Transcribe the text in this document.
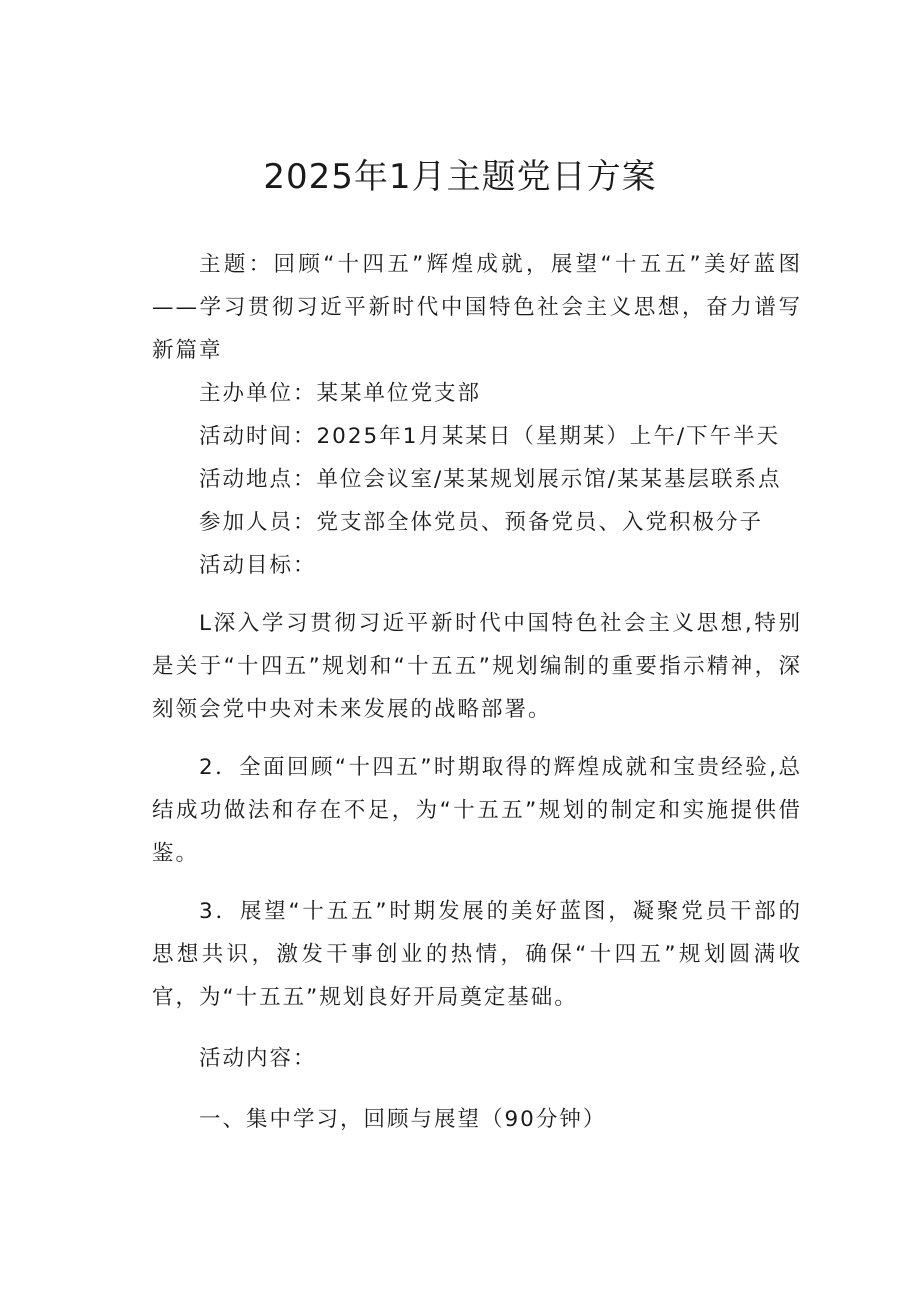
2025年1月主题党日方案

主题：回顾“十四五”辉煌成就，展望“十五五”美好蓝图——学习贯彻习近平新时代中国特色社会主义思想，奋力谱写新篇章

主办单位：某某单位党支部

活动时间：2025年1月某某日（星期某）上午/下午半天

活动地点：单位会议室/某某规划展示馆/某某基层联系点

参加人员：党支部全体党员、预备党员、入党积极分子

活动目标：

L深入学习贯彻习近平新时代中国特色社会主义思想,特别是关于“十四五”规划和“十五五”规划编制的重要指示精神，深刻领会党中央对未来发展的战略部署。

2．全面回顾“十四五”时期取得的辉煌成就和宝贵经验,总结成功做法和存在不足，为“十五五”规划的制定和实施提供借鉴。

3．展望“十五五”时期发展的美好蓝图，凝聚党员干部的思想共识，激发干事创业的热情，确保“十四五”规划圆满收官，为“十五五”规划良好开局奠定基础。

活动内容：

一、集中学习，回顾与展望（90分钟）
